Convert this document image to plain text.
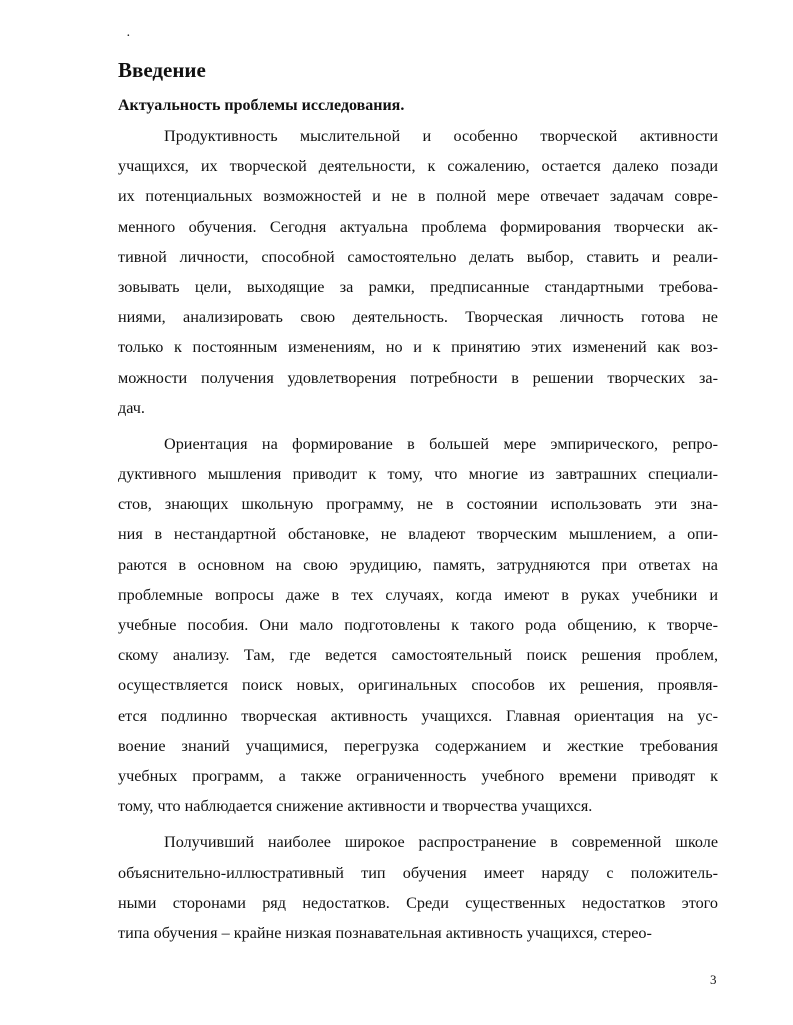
·
Введение
Актуальность проблемы исследования.
Продуктивность мыслительной и особенно творческой активности
учащихся, их творческой деятельности, к сожалению, остается далеко позади
их потенциальных возможностей и не в полной мере отвечает задачам совре-
менного обучения. Сегодня актуальна проблема формирования творчески ак-
тивной личности, способной самостоятельно делать выбор, ставить и реали-
зовывать цели, выходящие за рамки, предписанные стандартными требова-
ниями, анализировать свою деятельность. Творческая личность готова не
только к постоянным изменениям, но и к принятию этих изменений как воз-
можности получения удовлетворения потребности в решении творческих за-
дач.
Ориентация на формирование в большей мере эмпирического, репро-
дуктивного мышления приводит к тому, что многие из завтрашних специали-
стов, знающих школьную программу, не в состоянии использовать эти зна-
ния в нестандартной обстановке, не владеют творческим мышлением, а опи-
раются в основном на свою эрудицию, память, затрудняются при ответах на
проблемные вопросы даже в тех случаях, когда имеют в руках учебники и
учебные пособия. Они мало подготовлены к такого рода общению, к творче-
скому анализу. Там, где ведется самостоятельный поиск решения проблем,
осуществляется поиск новых, оригинальных способов их решения, проявля-
ется подлинно творческая активность учащихся. Главная ориентация на ус-
воение знаний учащимися, перегрузка содержанием и жесткие требования
учебных программ, а также ограниченность учебного времени приводят к
тому, что наблюдается снижение активности и творчества учащихся.
Получивший наиболее широкое распространение в современной школе
объяснительно-иллюстративный тип обучения имеет наряду с положитель-
ными сторонами ряд недостатков. Среди существенных недостатков этого
типа обучения – крайне низкая познавательная активность учащихся, стерео-
3
